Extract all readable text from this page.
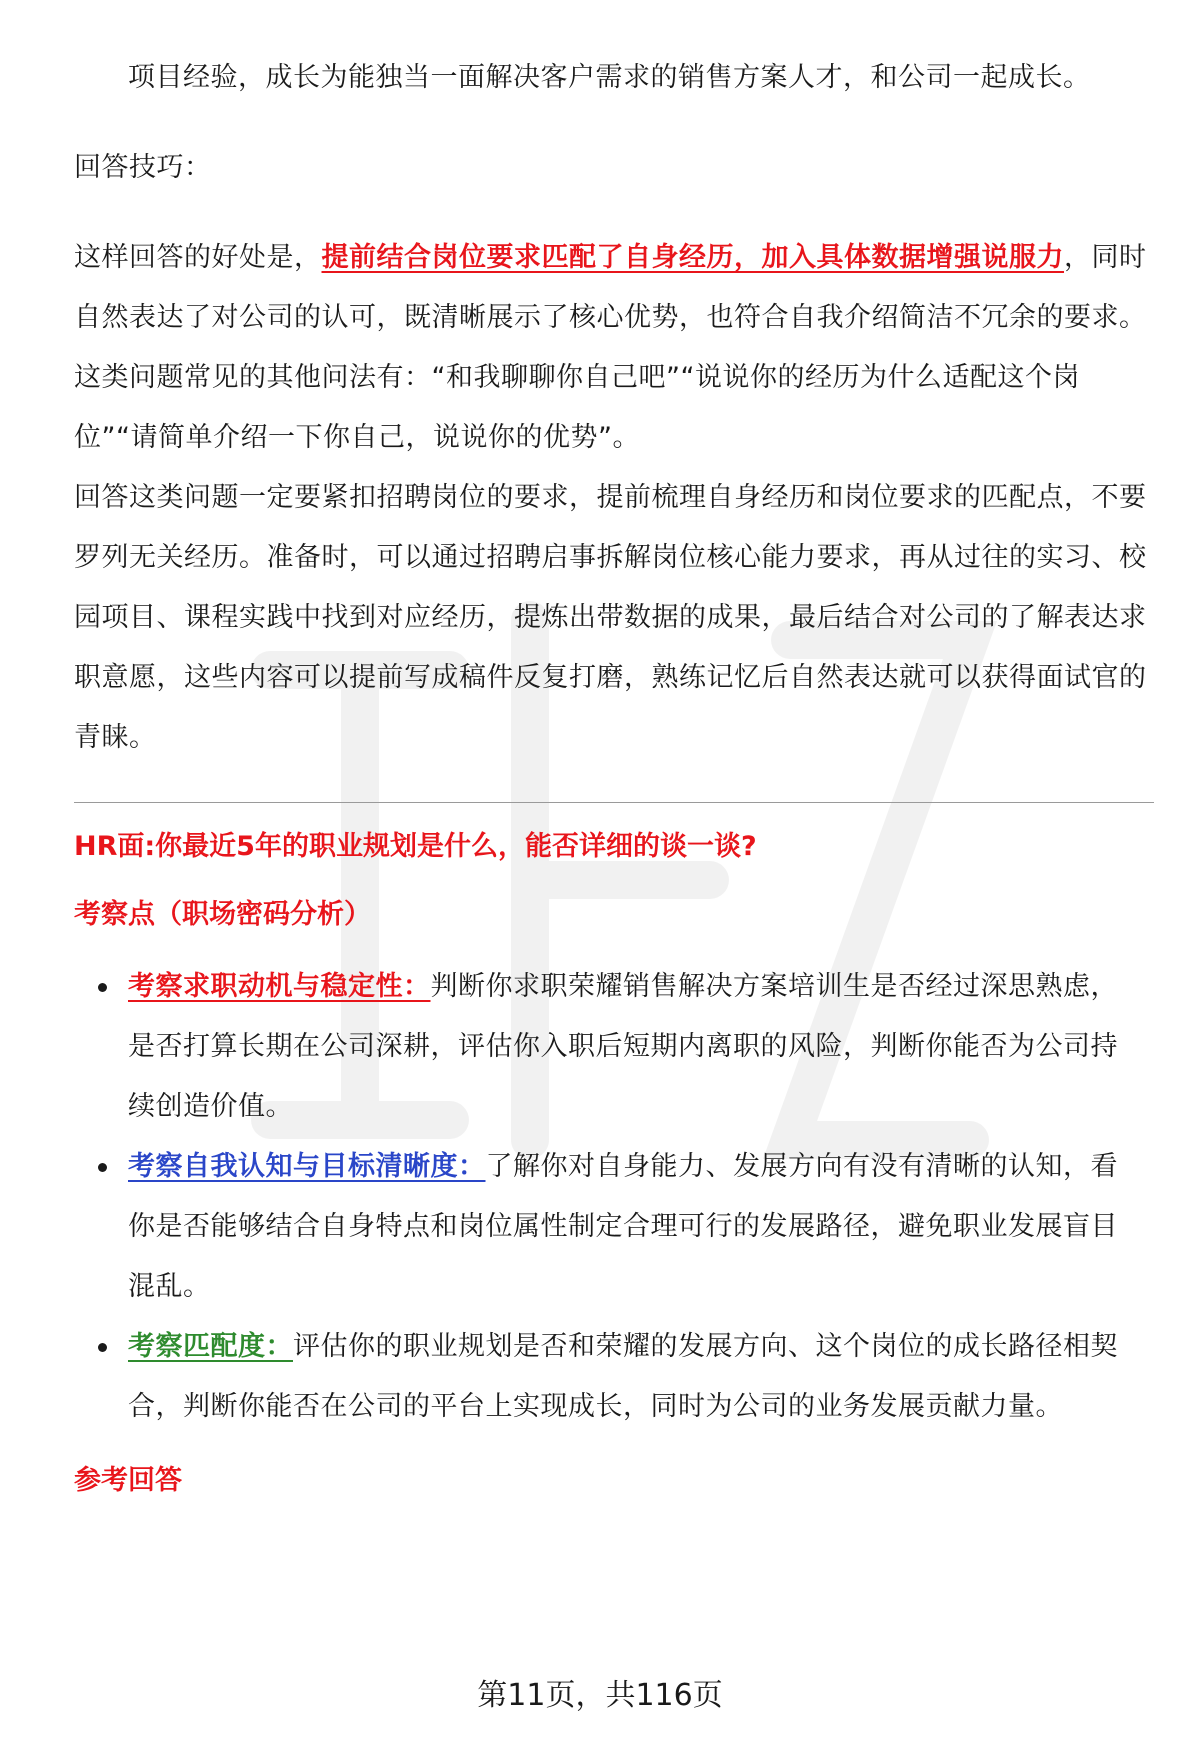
项目经验，成长为能独当一面解决客户需求的销售方案人才，和公司一起成长。

回答技巧：

这样回答的好处是，提前结合岗位要求匹配了自身经历，加入具体数据增强说服力，同时自然表达了对公司的认可，既清晰展示了核心优势，也符合自我介绍简洁不冗余的要求。这类问题常见的其他问法有：“和我聊聊你自己吧”“说说你的经历为什么适配这个岗位”“请简单介绍一下你自己，说说你的优势”。

回答这类问题一定要紧扣招聘岗位的要求，提前梳理自身经历和岗位要求的匹配点，不要罗列无关经历。准备时，可以通过招聘启事拆解岗位核心能力要求，再从过往的实习、校园项目、课程实践中找到对应经历，提炼出带数据的成果，最后结合对公司的了解表达求职意愿，这些内容可以提前写成稿件反复打磨，熟练记忆后自然表达就可以获得面试官的青睐。

HR面:你最近5年的职业规划是什么，能否详细的谈一谈?
考察点（职场密码分析）
考察求职动机与稳定性：判断你求职荣耀销售解决方案培训生是否经过深思熟虑，是否打算长期在公司深耕，评估你入职后短期内离职的风险，判断你能否为公司持续创造价值。
考察自我认知与目标清晰度：了解你对自身能力、发展方向有没有清晰的认知，看你是否能够结合自身特点和岗位属性制定合理可行的发展路径，避免职业发展盲目混乱。
考察匹配度：评估你的职业规划是否和荣耀的发展方向、这个岗位的成长路径相契合，判断你能否在公司的平台上实现成长，同时为公司的业务发展贡献力量。
参考回答
第11页，共116页
